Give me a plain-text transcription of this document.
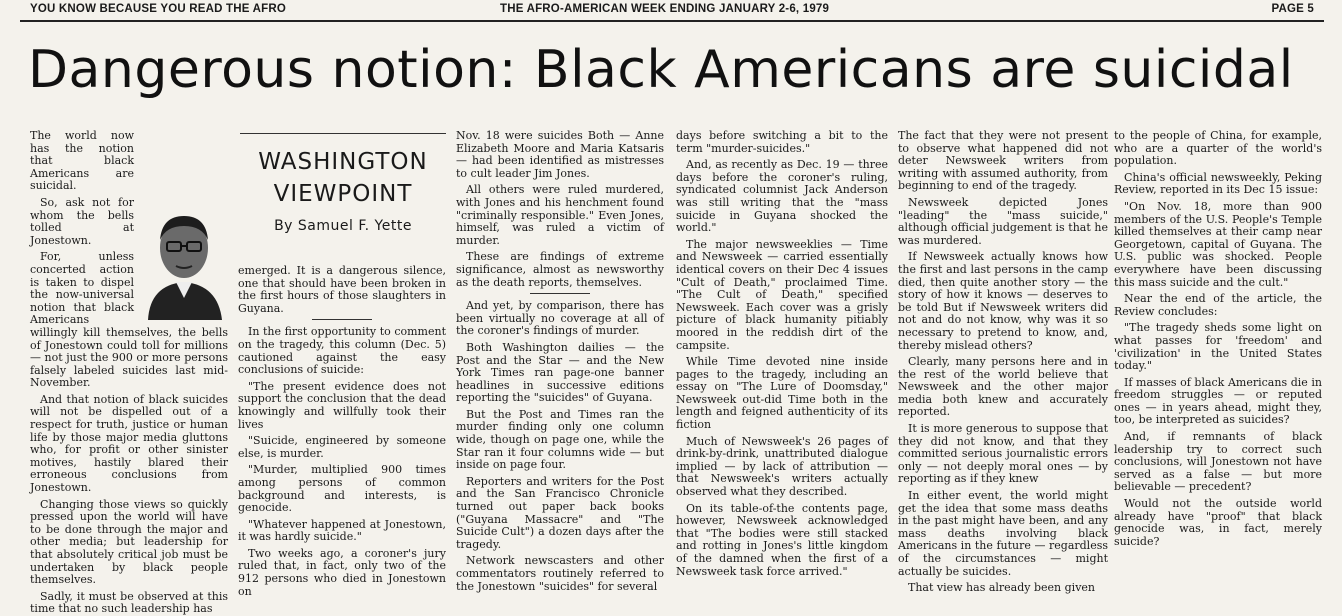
YOU KNOW BECAUSE YOU READ THE AFRO	THE AFRO-AMERICAN WEEK ENDING JANUARY 2-6, 1979	PAGE 5
Dangerous notion: Black Americans are suicidal

The world now has the notion that black Americans are suicidal.

So, ask not for whom the bells tolled at Jonestown.

For, unless concerted action is taken to dispel the now-universal notion that black Americans willingly kill themselves, the bells of Jonestown could toll for millions — not just the 900 or more persons falsely labeled suicides last mid-November.

And that notion of black suicides will not be dispelled out of a respect for truth, justice or human life by those major media gluttons who, for profit or other sinister motives, hastily blared their erroneous conclusions from Jonestown.

Changing those views so quickly pressed upon the world will have to be done through the major and other media; but leadership for that absolutely critical job must be undertaken by black people themselves.

Sadly, it must be observed at this time that no such leadership has

WASHINGTON
VIEWPOINT
By Samuel F. Yette

emerged. It is a dangerous silence, one that should have been broken in the first hours of those slaughters in Guyana.

In the first opportunity to comment on the tragedy, this column (Dec. 5) cautioned against the easy conclusions of suicide:

"The present evidence does not support the conclusion that the dead knowingly and willfully took their lives

"Suicide, engineered by someone else, is murder.

"Murder, multiplied 900 times among persons of common background and interests, is genocide.

"Whatever happened at Jonestown, it was hardly suicide."

Two weeks ago, a coroner's jury ruled that, in fact, only two of the 912 persons who died in Jonestown on

Nov. 18 were suicides Both — Anne Elizabeth Moore and Maria Katsaris — had been identified as mistresses to cult leader Jim Jones.

All others were ruled murdered, with Jones and his henchment found "criminally responsible." Even Jones, himself, was ruled a victim of murder.

These are findings of extreme significance, almost as newsworthy as the death reports, themselves.

And yet, by comparison, there has been virtually no coverage at all of the coroner's findings of murder.

Both Washington dailies — the Post and the Star — and the New York Times ran page-one banner headlines in successive editions reporting the "suicides" of Guyana.

But the Post and Times ran the murder finding only one column wide, though on page one, while the Star ran it four columns wide — but inside on page four.

Reporters and writers for the Post and the San Francisco Chronicle turned out paper back books ("Guyana Massacre" and "The Suicide Cult") a dozen days after the tragedy.

Network newscasters and other commentators routinely referred to the Jonestown "suicides" for several

days before switching a bit to the term "murder-suicides."

And, as recently as Dec. 19 — three days before the coroner's ruling, syndicated columnist Jack Anderson was still writing that the "mass suicide in Guyana shocked the world."

The major newsweeklies — Time and Newsweek — carried essentially identical covers on their Dec 4 issues "Cult of Death," proclaimed Time. "The Cult of Death," specified Newsweek. Each cover was a grisly picture of black humanity pitiably moored in the reddish dirt of the campsite.

While Time devoted nine inside pages to the tragedy, including an essay on "The Lure of Doomsday," Newsweek out-did Time both in the length and feigned authenticity of its fiction

Much of Newsweek's 26 pages of drink-by-drink, unattributed dialogue implied — by lack of attribution — that Newsweek's writers actually observed what they described.

On its table-of-the contents page, however, Newsweek acknowledged that "The bodies were still stacked and rotting in Jones's little kingdom of the damned when the first of a Newsweek task force arrived."

The fact that they were not present to observe what happened did not deter Newsweek writers from writing with assumed authority, from beginning to end of the tragedy.

Newsweek depicted Jones "leading" the "mass suicide," although official judgement is that he was murdered.

If Newsweek actually knows how the first and last persons in the camp died, then quite another story — the story of how it knows — deserves to be told But if Newsweek writers did not and do not know, why was it so necessary to pretend to know, and, thereby mislead others?

Clearly, many persons here and in the rest of the world believe that Newsweek and the other major media both knew and accurately reported.

It is more generous to suppose that they did not know, and that they committed serious journalistic errors only — not deeply moral ones — by reporting as if they knew

In either event, the world might get the idea that some mass deaths in the past might have been, and any mass deaths involving black Americans in the future — regardless of the circumstances — might actually be suicides.

That view has already been given

to the people of China, for example, who are a quarter of the world's population.

China's official newsweekly, Peking Review, reported in its Dec 15 issue:

"On Nov. 18, more than 900 members of the U.S. People's Temple killed themselves at their camp near Georgetown, capital of Guyana. The U.S. public was shocked. People everywhere have been discussing this mass suicide and the cult."

Near the end of the article, the Review concludes:

"The tragedy sheds some light on what passes for 'freedom' and 'civilization' in the United States today."

If masses of black Americans die in freedom struggles — or reputed ones — in years ahead, might they, too, be interpreted as suicides?

And, if remnants of black leadership try to correct such conclusions, will Jonestown not have served as a false — but more believable — precedent?

Would not the outside world already have "proof" that black genocide was, in fact, merely suicide?
